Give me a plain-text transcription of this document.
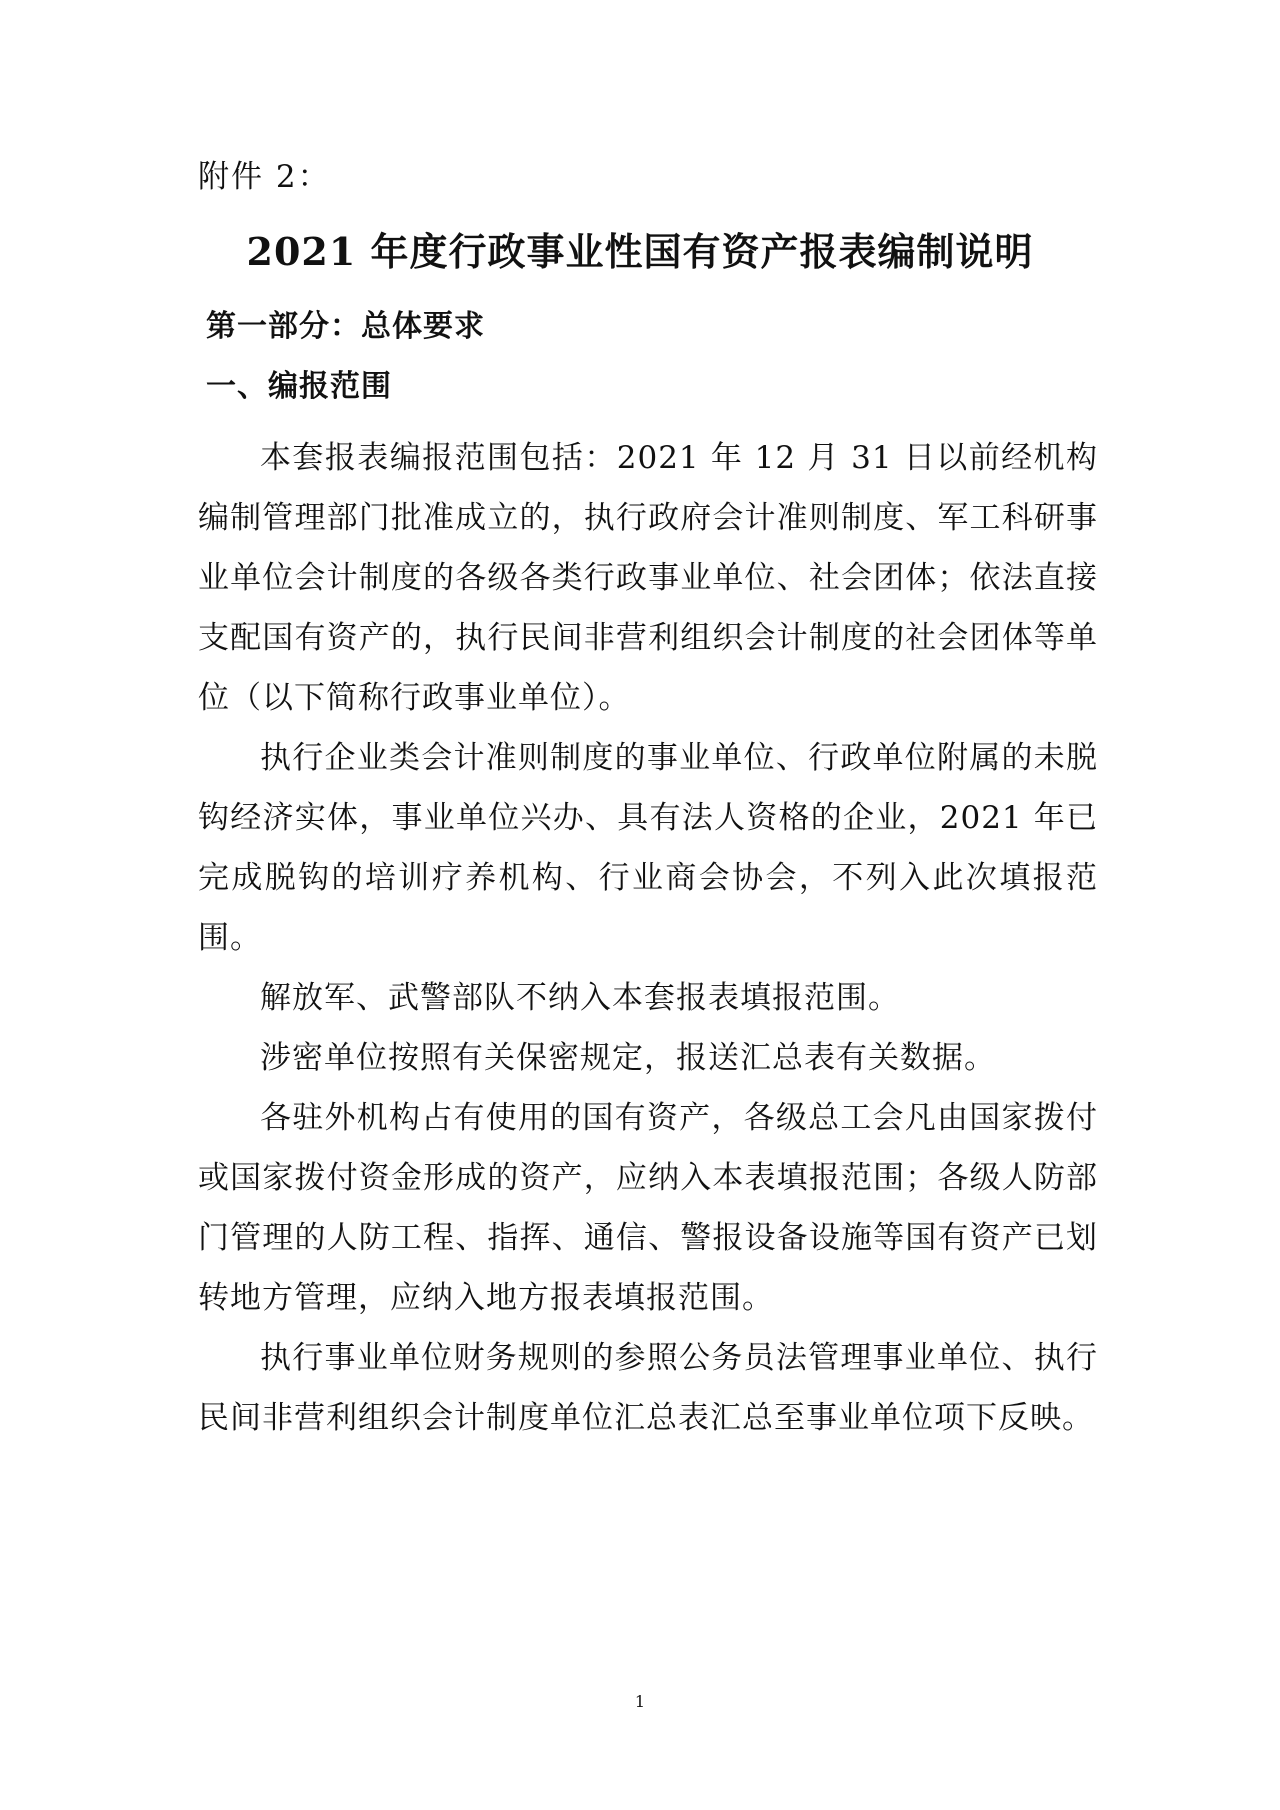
附件 2：
2021 年度行政事业性国有资产报表编制说明
第一部分：总体要求
一、编报范围

本套报表编报范围包括：2021 年 12 月 31 日以前经机构编制管理部门批准成立的，执行政府会计准则制度、军工科研事业单位会计制度的各级各类行政事业单位、社会团体；依法直接支配国有资产的，执行民间非营利组织会计制度的社会团体等单位（以下简称行政事业单位）。

执行企业类会计准则制度的事业单位、行政单位附属的未脱钩经济实体，事业单位兴办、具有法人资格的企业，2021 年已完成脱钩的培训疗养机构、行业商会协会，不列入此次填报范围。

解放军、武警部队不纳入本套报表填报范围。

涉密单位按照有关保密规定，报送汇总表有关数据。

各驻外机构占有使用的国有资产，各级总工会凡由国家拨付或国家拨付资金形成的资产，应纳入本表填报范围；各级人防部门管理的人防工程、指挥、通信、警报设备设施等国有资产已划转地方管理，应纳入地方报表填报范围。

执行事业单位财务规则的参照公务员法管理事业单位、执行民间非营利组织会计制度单位汇总表汇总至事业单位项下反映。

1
